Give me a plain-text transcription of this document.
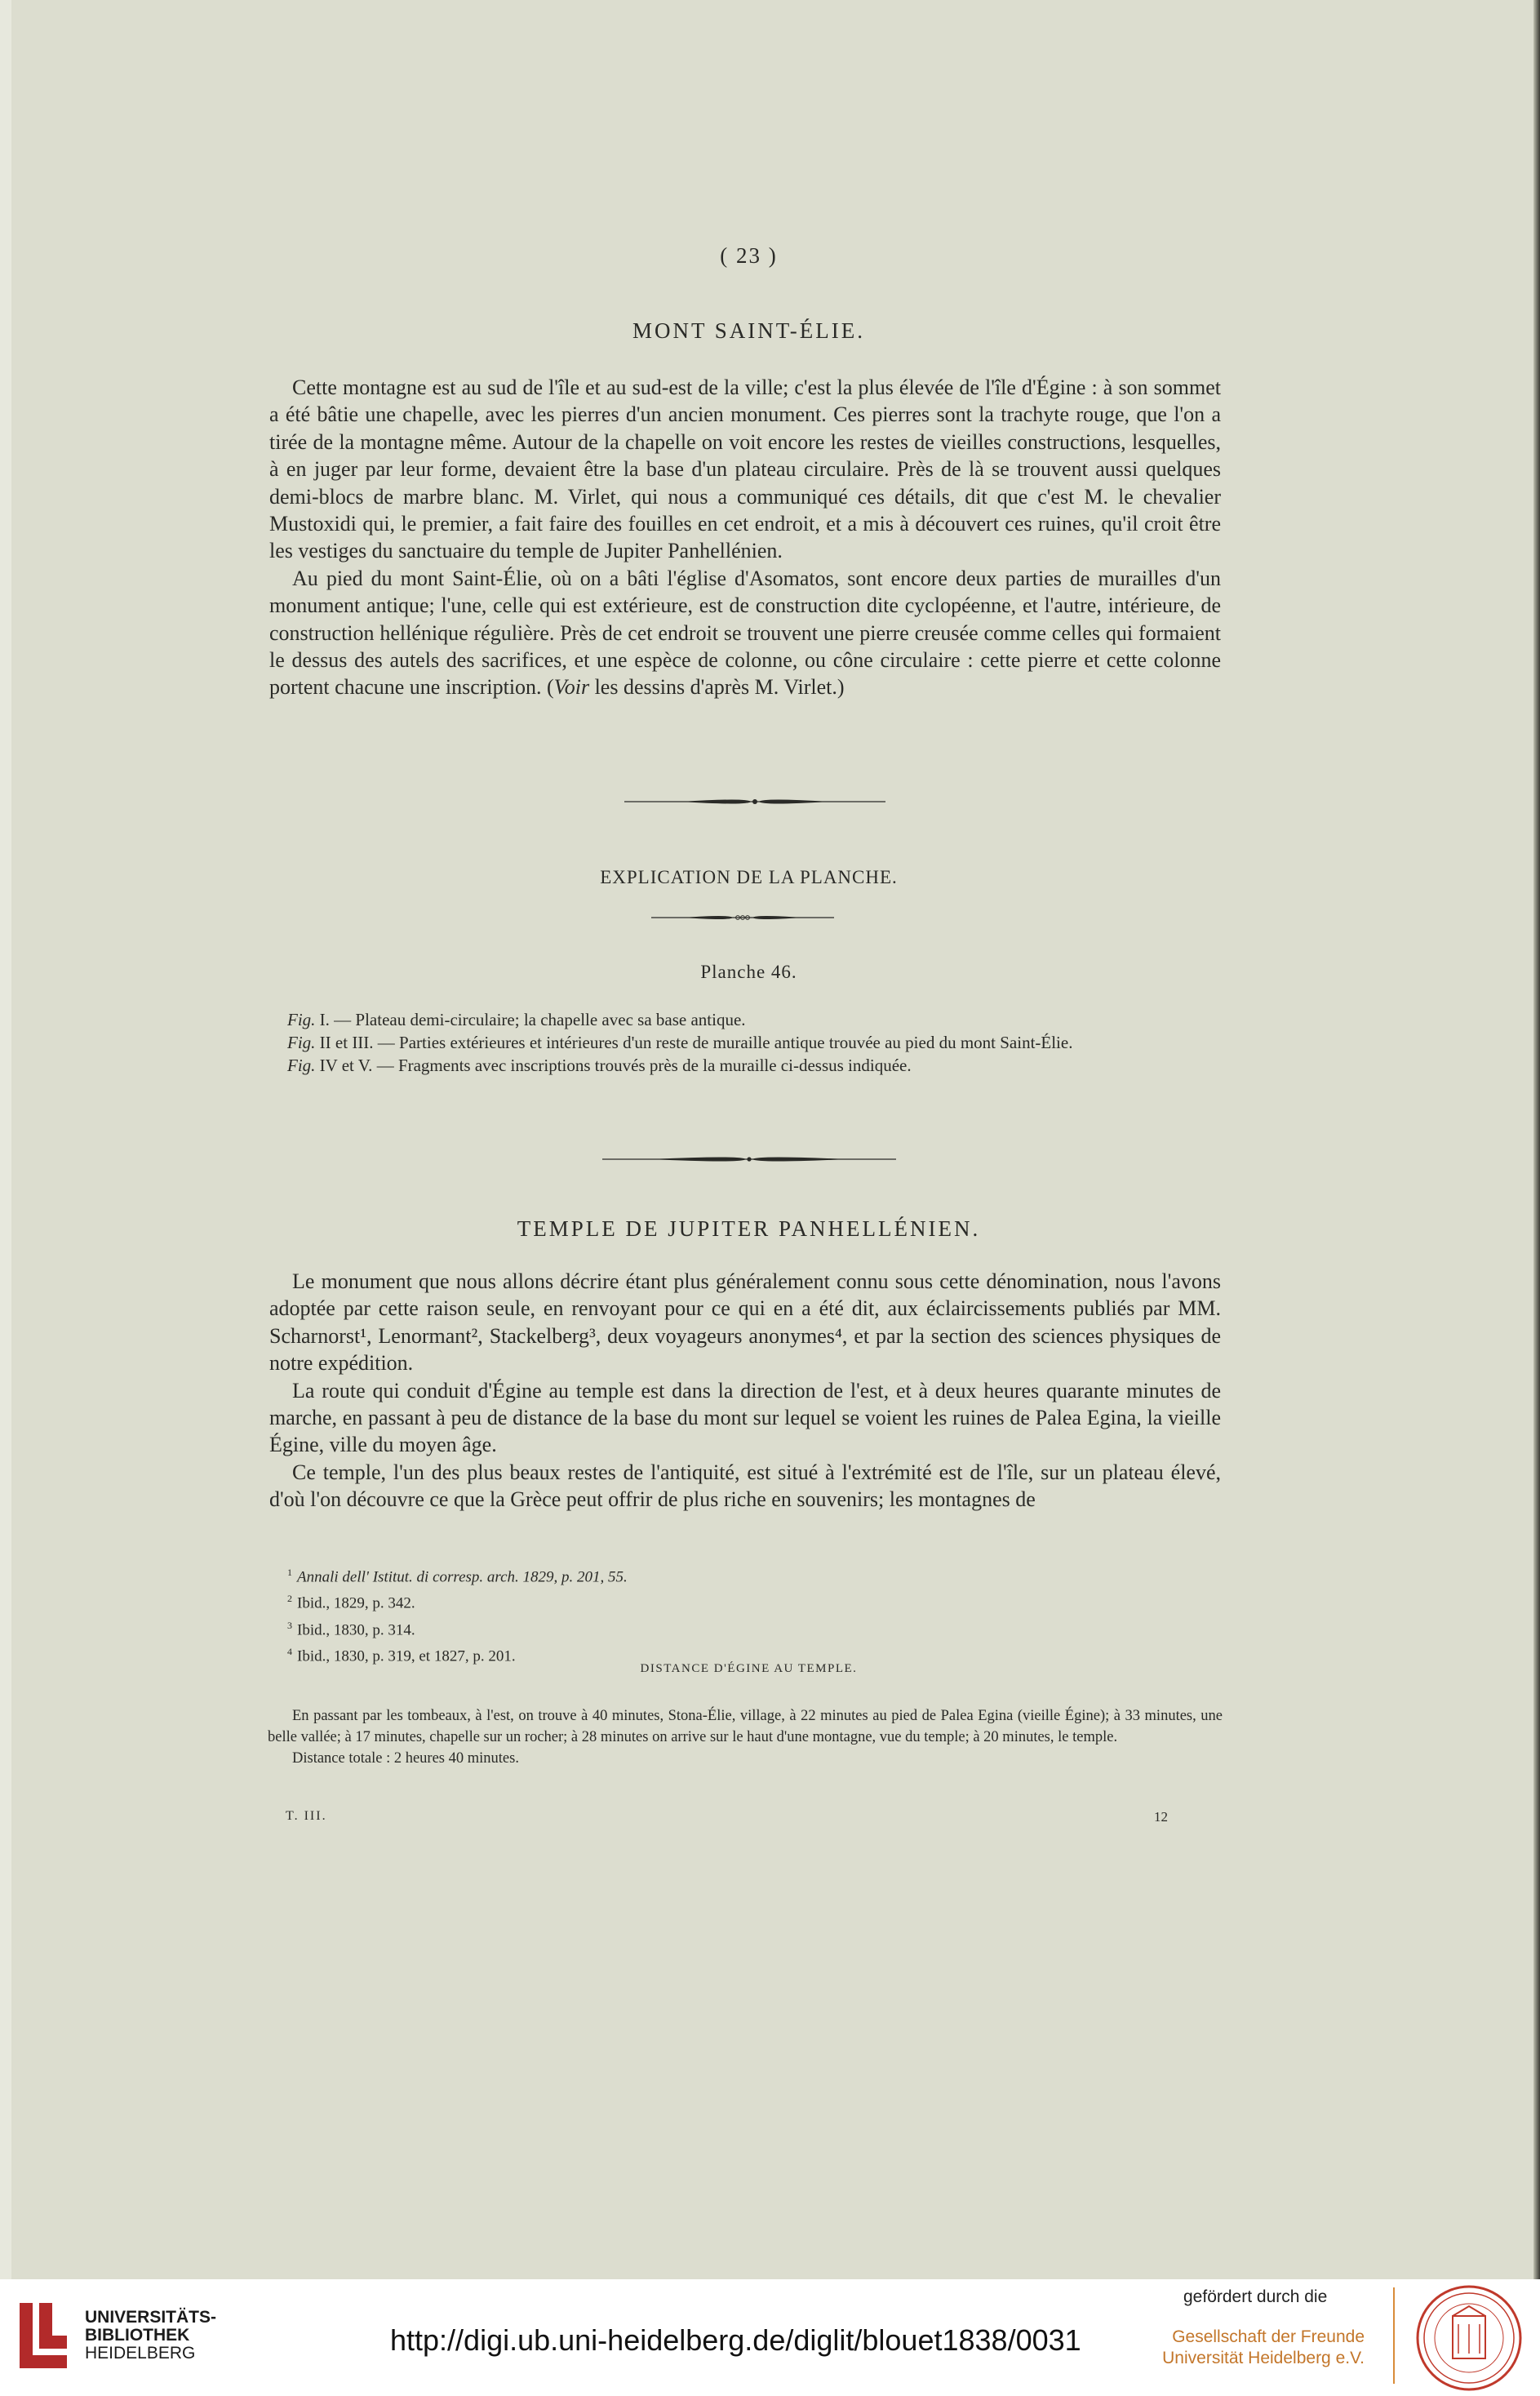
( 23 )
MONT SAINT-ÉLIE.

Cette montagne est au sud de l'île et au sud-est de la ville; c'est la plus élevée de l'île d'Égine : à son sommet a été bâtie une chapelle, avec les pierres d'un ancien monument. Ces pierres sont la trachyte rouge, que l'on a tirée de la montagne même. Autour de la chapelle on voit encore les restes de vieilles constructions, lesquelles, à en juger par leur forme, devaient être la base d'un plateau circulaire. Près de là se trouvent aussi quelques demi-blocs de marbre blanc. M. Virlet, qui nous a communiqué ces détails, dit que c'est M. le chevalier Mustoxidi qui, le premier, a fait faire des fouilles en cet endroit, et a mis à découvert ces ruines, qu'il croit être les vestiges du sanctuaire du temple de Jupiter Panhellénien.

Au pied du mont Saint-Élie, où on a bâti l'église d'Asomatos, sont encore deux parties de murailles d'un monument antique; l'une, celle qui est extérieure, est de construction dite cyclopéenne, et l'autre, intérieure, de construction hellénique régulière. Près de cet endroit se trouvent une pierre creusée comme celles qui formaient le dessus des autels des sacrifices, et une espèce de colonne, ou cône circulaire : cette pierre et cette colonne portent chacune une inscription. (Voir les dessins d'après M. Virlet.)

EXPLICATION DE LA PLANCHE.
Planche 46.

Fig. I. — Plateau demi-circulaire; la chapelle avec sa base antique.

Fig. II et III. — Parties extérieures et intérieures d'un reste de muraille antique trouvée au pied du mont Saint-Élie.

Fig. IV et V. — Fragments avec inscriptions trouvés près de la muraille ci-dessus indiquée.

TEMPLE DE JUPITER PANHELLÉNIEN.

Le monument que nous allons décrire étant plus généralement connu sous cette dénomination, nous l'avons adoptée par cette raison seule, en renvoyant pour ce qui en a été dit, aux éclaircissements publiés par MM. Scharnorst¹, Lenormant², Stackelberg³, deux voyageurs anonymes⁴, et par la section des sciences physiques de notre expédition.

La route qui conduit d'Égine au temple est dans la direction de l'est, et à deux heures quarante minutes de marche, en passant à peu de distance de la base du mont sur lequel se voient les ruines de Palea Egina, la vieille Égine, ville du moyen âge.

Ce temple, l'un des plus beaux restes de l'antiquité, est situé à l'extrémité est de l'île, sur un plateau élevé, d'où l'on découvre ce que la Grèce peut offrir de plus riche en souvenirs; les montagnes de

$^1$ Annali dell' Istitut. di corresp. arch. 1829, p. 201, 55.
$^2$ Ibid., 1829, p. 342.
$^3$ Ibid., 1830, p. 314.
$^4$ Ibid., 1830, p. 319, et 1827, p. 201.
DISTANCE D'ÉGINE AU TEMPLE.

En passant par les tombeaux, à l'est, on trouve à 40 minutes, Stona-Élie, village, à 22 minutes au pied de Palea Egina (vieille Égine); à 33 minutes, une belle vallée; à 17 minutes, chapelle sur un rocher; à 28 minutes on arrive sur le haut d'une montagne, vue du temple; à 20 minutes, le temple.

Distance totale : 2 heures 40 minutes.

T. III.	12
UNIVERSITÄTS-
BIBLIOTHEK
HEIDELBERG	http://digi.ub.uni-heidelberg.de/diglit/blouet1838/0031
gefördert durch die
Gesellschaft der Freunde
Universität Heidelberg e.V.
